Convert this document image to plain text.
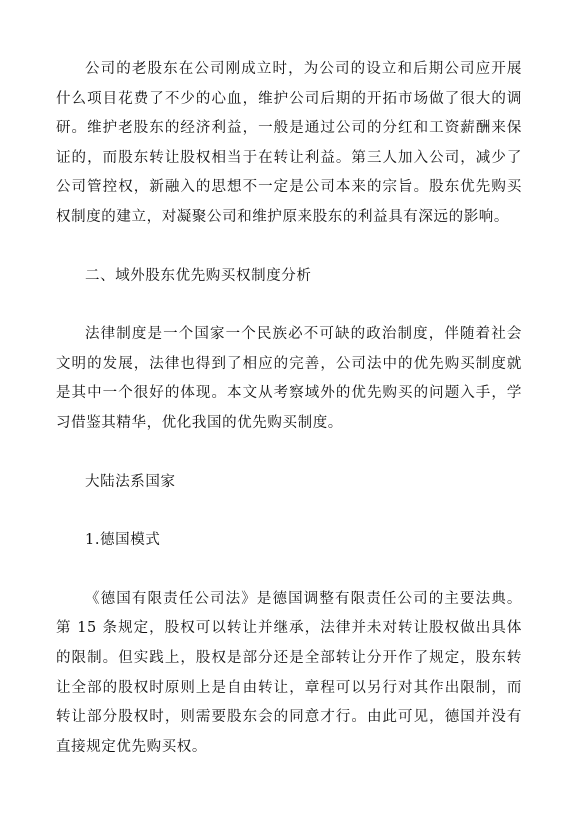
公司的老股东在公司刚成立时，为公司的设立和后期公司应开展什么项目花费了不少的心血，维护公司后期的开拓市场做了很大的调研。维护老股东的经济利益，一般是通过公司的分红和工资薪酬来保证的，而股东转让股权相当于在转让利益。第三人加入公司，减少了公司管控权，新融入的思想不一定是公司本来的宗旨。股东优先购买权制度的建立，对凝聚公司和维护原来股东的利益具有深远的影响。

二、域外股东优先购买权制度分析

法律制度是一个国家一个民族必不可缺的政治制度，伴随着社会文明的发展，法律也得到了相应的完善，公司法中的优先购买制度就是其中一个很好的体现。本文从考察域外的优先购买的问题入手，学习借鉴其精华，优化我国的优先购买制度。

大陆法系国家

1.德国模式

《德国有限责任公司法》是德国调整有限责任公司的主要法典。第 15 条规定，股权可以转让并继承，法律并未对转让股权做出具体的限制。但实践上，股权是部分还是全部转让分开作了规定，股东转让全部的股权时原则上是自由转让，章程可以另行对其作出限制，而转让部分股权时，则需要股东会的同意才行。由此可见，德国并没有直接规定优先购买权。
